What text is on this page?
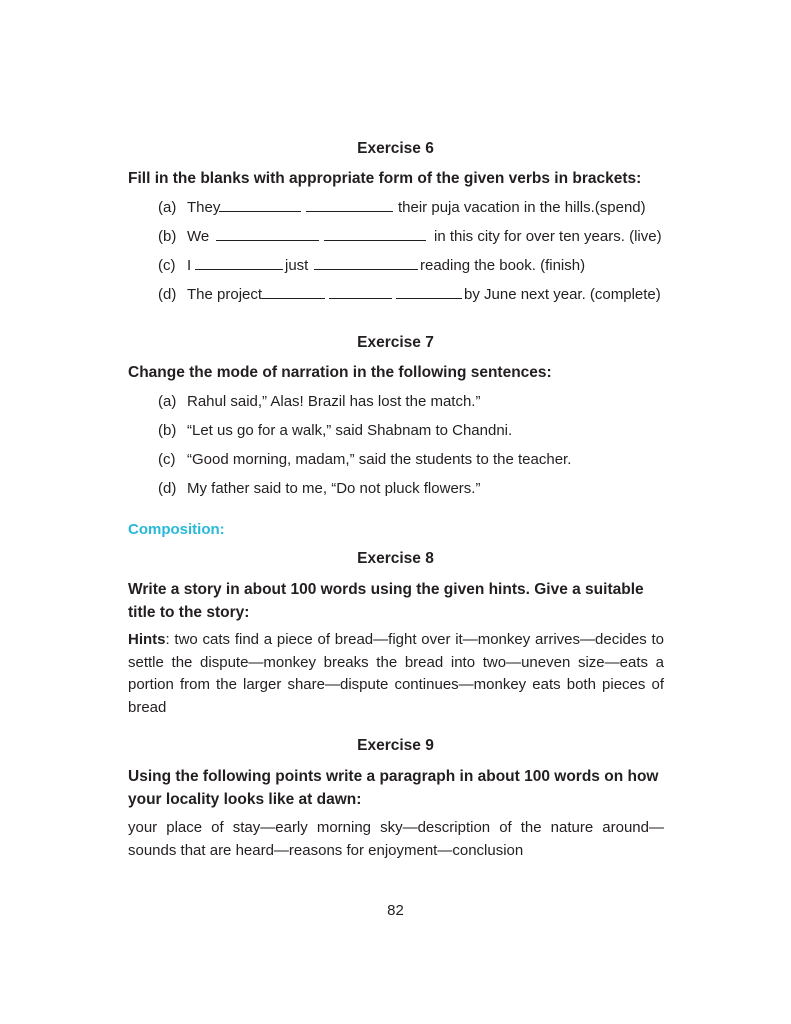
Exercise 6
Fill in the blanks with appropriate form of the given verbs in brackets:
(a) They	their puja vacation in the hills.(spend)
(b) We	in this city for over ten years. (live)
(c) I	just	reading the book. (finish)
(d) The project	by June next year. (complete)
Exercise 7
Change the mode of narration in the following sentences:
(a) Rahul said,” Alas! Brazil has lost the match.”
(b) “Let us go for a walk,” said Shabnam to Chandni.
(c) “Good morning, madam,” said the students to the teacher.
(d) My father said to me, “Do not pluck flowers.”
Composition:
Exercise 8
Write a story in about 100 words using the given hints. Give a suitable title to the story:
Hints: two cats find a piece of bread—fight over it—monkey arrives—decides to settle the dispute—monkey breaks the bread into two—uneven size—eats a portion from the larger share—dispute continues—monkey eats both pieces of bread
Exercise 9
Using the following points write a paragraph in about 100 words on how your locality looks like at dawn:
your place of stay—early morning sky—description of the nature around—sounds that are heard—reasons for enjoyment—conclusion
82
